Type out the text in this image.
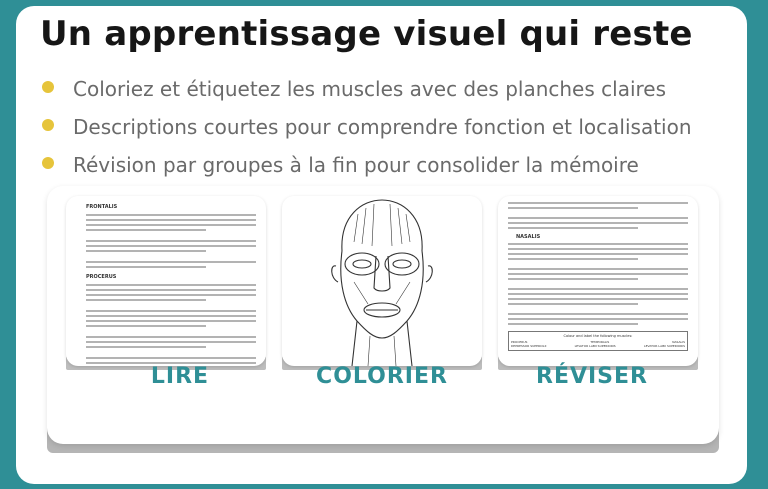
Un apprentissage visuel qui reste
Coloriez et étiquetez les muscles avec des planches claires
Descriptions courtes pour comprendre fonction et localisation
Révision par groupes à la fin pour consolider la mémoire
FRONTALIS
PROCERUS
NASALIS
Colour and label the following muscles:
PROCERUS	TEMPORALIS	NASALIS
DEPRESSOR SUPERCILII	LEVATOR LABII SUPERIORIS	LEVATOR LABII SUPERIORIS
LIRE	COLORIER	RÉVISER
